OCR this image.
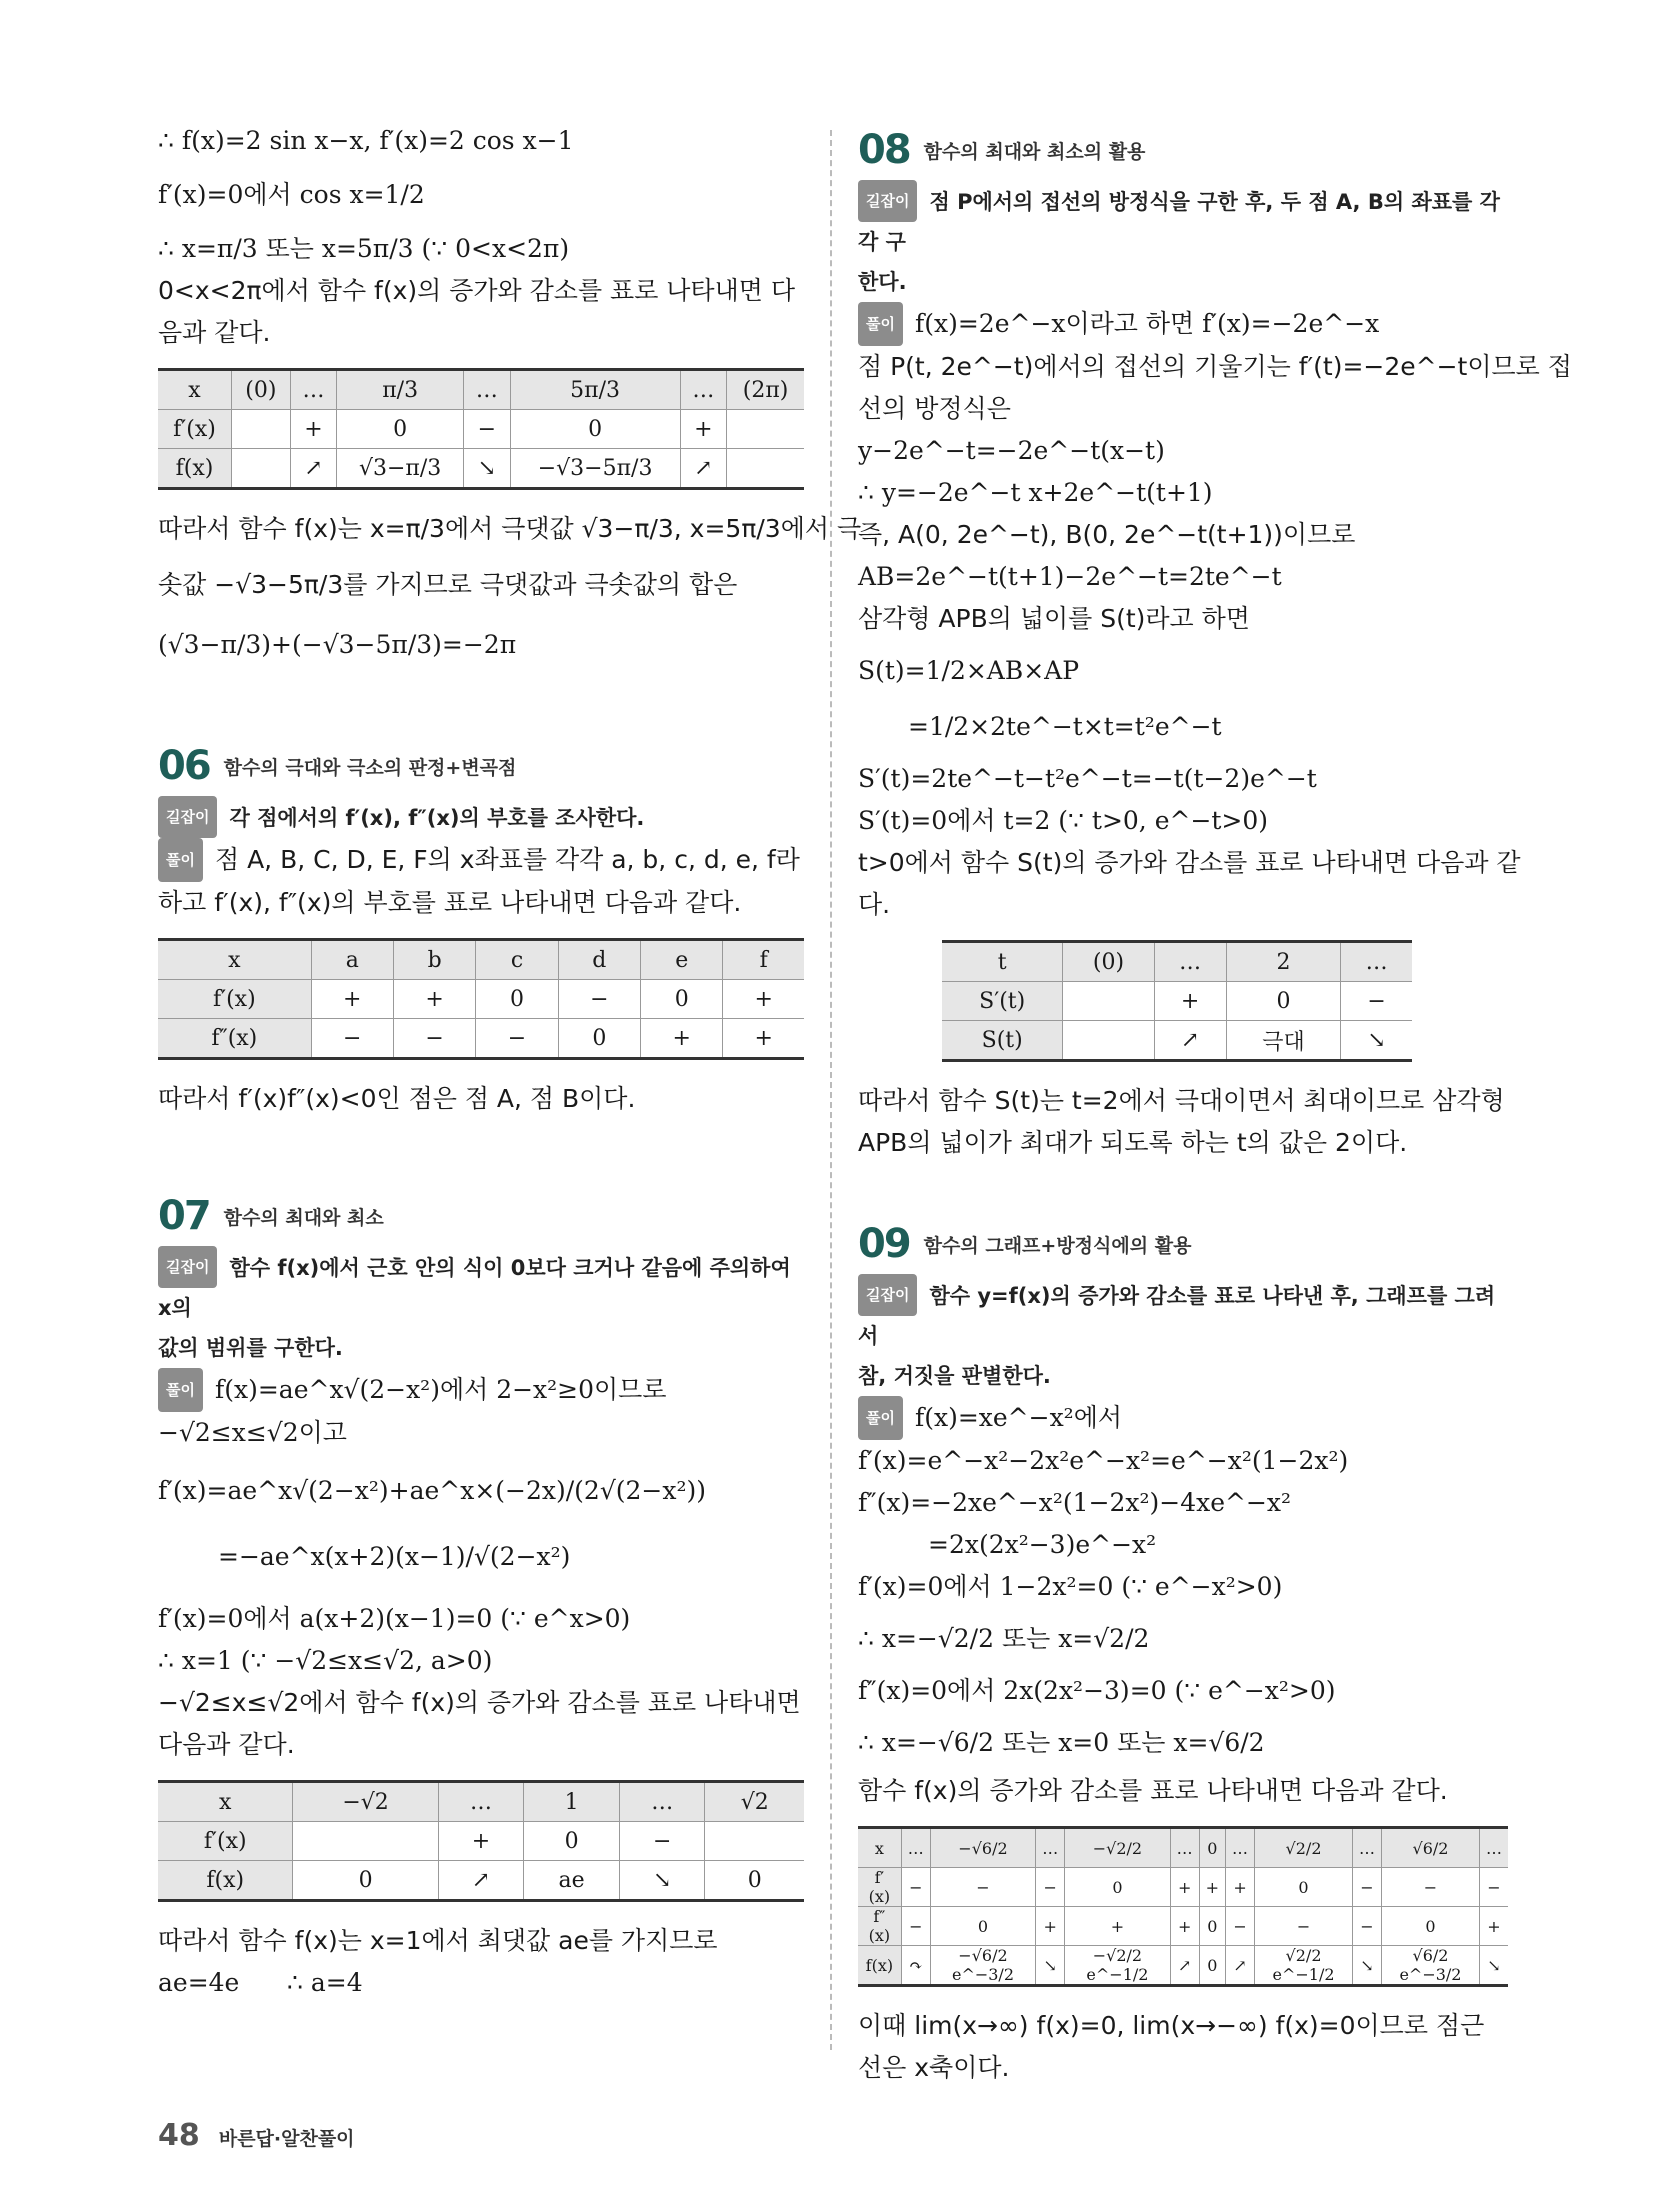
∴ f(x)=2 sin x−x, f′(x)=2 cos x−1
f′(x)=0에서 cos x=1/2
∴ x=π/3 또는 x=5π/3 (∵ 0<x<2π)
0<x<2π에서 함수 f(x)의 증가와 감소를 표로 나타내면 다음과 같다.
x	(0)	…	π/3	…	5π/3	…	(2π)
f′(x)		+	0	−	0	+	
f(x)		↗	√3−π/3	↘	−√3−5π/3	↗	
따라서 함수 f(x)는 x=π/3에서 극댓값 √3−π/3, x=5π/3에서 극
솟값 −√3−5π/3를 가지므로 극댓값과 극솟값의 합은
(√3−π/3)+(−√3−5π/3)=−2π
06 함수의 극대와 극소의 판정+변곡점
길잡이 각 점에서의 f′(x), f″(x)의 부호를 조사한다.
풀이 점 A, B, C, D, E, F의 x좌표를 각각 a, b, c, d, e, f라
하고 f′(x), f″(x)의 부호를 표로 나타내면 다음과 같다.
x	a	b	c	d	e	f
f′(x)	+	+	0	−	0	+
f″(x)	−	−	−	0	+	+
따라서 f′(x)f″(x)<0인 점은 점 A, 점 B이다.
07 함수의 최대와 최소
길잡이 함수 f(x)에서 근호 안의 식이 0보다 크거나 같음에 주의하여 x의
값의 범위를 구한다.
풀이 f(x)=ae^x√(2−x²)에서 2−x²≥0이므로
−√2≤x≤√2이고
f′(x)=ae^x√(2−x²)+ae^x×(−2x)/(2√(2−x²))
=−ae^x(x+2)(x−1)/√(2−x²)
f′(x)=0에서 a(x+2)(x−1)=0 (∵ e^x>0)
∴ x=1 (∵ −√2≤x≤√2, a>0)
−√2≤x≤√2에서 함수 f(x)의 증가와 감소를 표로 나타내면
다음과 같다.
x	−√2	…	1	…	√2
f′(x)		+	0	−	
f(x)	0	↗	ae	↘	0
따라서 함수 f(x)는 x=1에서 최댓값 ae를 가지므로
ae=4e      ∴ a=4
08 함수의 최대와 최소의 활용
길잡이 점 P에서의 접선의 방정식을 구한 후, 두 점 A, B의 좌표를 각각 구
한다.
풀이 f(x)=2e^−x이라고 하면 f′(x)=−2e^−x
점 P(t, 2e^−t)에서의 접선의 기울기는 f′(t)=−2e^−t이므로 접
선의 방정식은
y−2e^−t=−2e^−t(x−t)
∴ y=−2e^−t x+2e^−t(t+1)
즉, A(0, 2e^−t), B(0, 2e^−t(t+1))이므로
AB=2e^−t(t+1)−2e^−t=2te^−t
삼각형 APB의 넓이를 S(t)라고 하면
S(t)=1/2×AB×AP
=1/2×2te^−t×t=t²e^−t
S′(t)=2te^−t−t²e^−t=−t(t−2)e^−t
S′(t)=0에서 t=2 (∵ t>0, e^−t>0)
t>0에서 함수 S(t)의 증가와 감소를 표로 나타내면 다음과 같
다.
t	(0)	…	2	…
S′(t)		+	0	−
S(t)		↗	극대	↘
따라서 함수 S(t)는 t=2에서 극대이면서 최대이므로 삼각형
APB의 넓이가 최대가 되도록 하는 t의 값은 2이다.
09 함수의 그래프+방정식에의 활용
길잡이 함수 y=f(x)의 증가와 감소를 표로 나타낸 후, 그래프를 그려서
참, 거짓을 판별한다.
풀이 f(x)=xe^−x²에서
f′(x)=e^−x²−2x²e^−x²=e^−x²(1−2x²)
f″(x)=−2xe^−x²(1−2x²)−4xe^−x²
=2x(2x²−3)e^−x²
f′(x)=0에서 1−2x²=0 (∵ e^−x²>0)
∴ x=−√2/2 또는 x=√2/2
f″(x)=0에서 2x(2x²−3)=0 (∵ e^−x²>0)
∴ x=−√6/2 또는 x=0 또는 x=√6/2
함수 f(x)의 증가와 감소를 표로 나타내면 다음과 같다.
x	…	−√6/2	…	−√2/2	…	0	…	√2/2	…	√6/2	…
f′(x)	−	−	−	0	+	+	+	0	−	−	−
f″(x)	−	0	+	+	+	0	−	−	−	0	+
f(x)	↷	−√6/2 e^−3/2	↘	−√2/2 e^−1/2	↗	0	↗	√2/2 e^−1/2	↘	√6/2 e^−3/2	↘
이때 lim(x→∞) f(x)=0, lim(x→−∞) f(x)=0이므로 점근선은 x축이다.
48 바른답·알찬풀이
